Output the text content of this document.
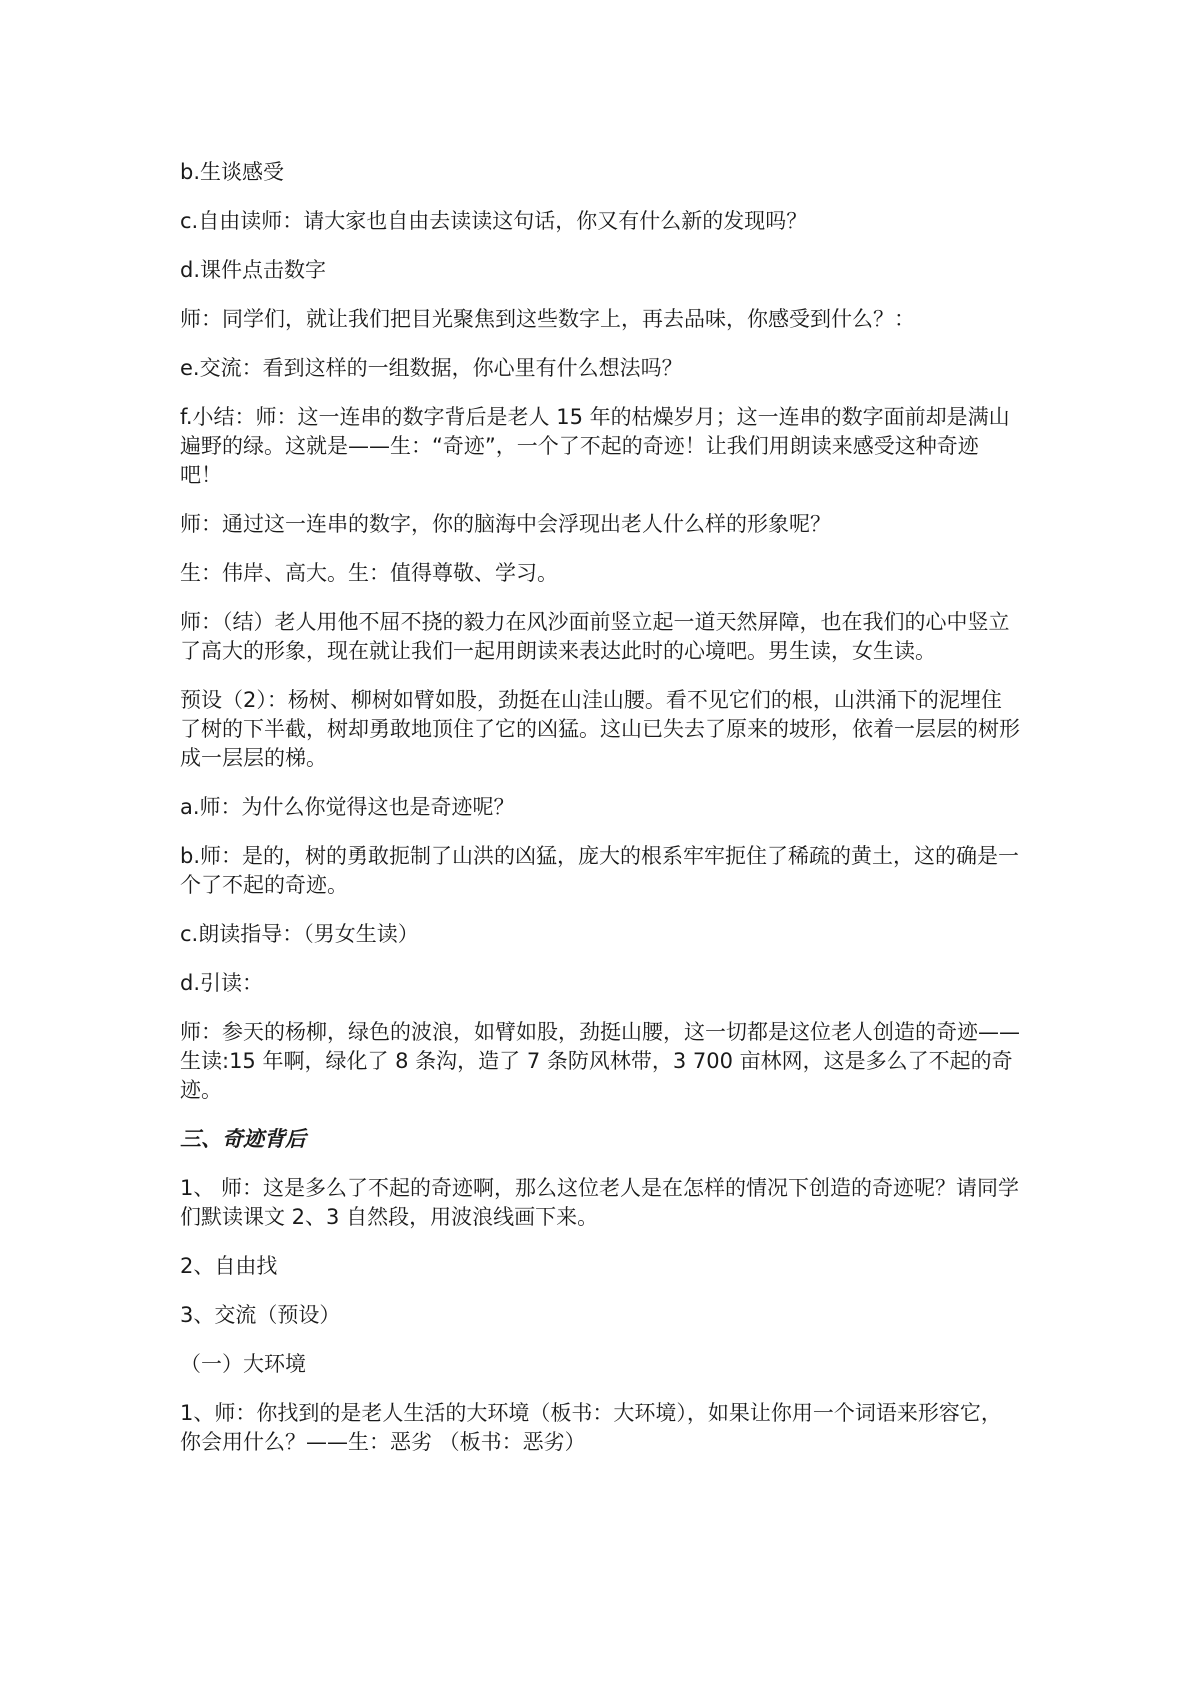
b.生谈感受

c.自由读师：请大家也自由去读读这句话，你又有什么新的发现吗？

d.课件点击数字

师：同学们，就让我们把目光聚焦到这些数字上，再去品味，你感受到什么？：

e.交流：看到这样的一组数据，你心里有什么想法吗？

f.小结：师：这一连串的数字背后是老人 15 年的枯燥岁月；这一连串的数字面前却是满山遍野的绿。这就是——生：“奇迹”，一个了不起的奇迹！让我们用朗读来感受这种奇迹吧！

师：通过这一连串的数字，你的脑海中会浮现出老人什么样的形象呢？

生：伟岸、高大。生：值得尊敬、学习。

师：（结）老人用他不屈不挠的毅力在风沙面前竖立起一道天然屏障，也在我们的心中竖立了高大的形象，现在就让我们一起用朗读来表达此时的心境吧。男生读，女生读。

预设（2）：杨树、柳树如臂如股，劲挺在山洼山腰。看不见它们的根，山洪涌下的泥埋住了树的下半截，树却勇敢地顶住了它的凶猛。这山已失去了原来的坡形，依着一层层的树形成一层层的梯。

a.师：为什么你觉得这也是奇迹呢？

b.师：是的，树的勇敢扼制了山洪的凶猛，庞大的根系牢牢扼住了稀疏的黄土，这的确是一个了不起的奇迹。

c.朗读指导：（男女生读）

d.引读：

师：参天的杨柳，绿色的波浪，如臂如股，劲挺山腰，这一切都是这位老人创造的奇迹——生读:15 年啊，绿化了 8 条沟，造了 7 条防风林带，3 700 亩林网，这是多么了不起的奇迹。

三、奇迹背后

1、 师：这是多么了不起的奇迹啊，那么这位老人是在怎样的情况下创造的奇迹呢？请同学们默读课文 2、3 自然段，用波浪线画下来。

2、自由找

3、交流（预设）

（一）大环境

1、师：你找到的是老人生活的大环境（板书：大环境），如果让你用一个词语来形容它，你会用什么？——生：恶劣 （板书：恶劣）
